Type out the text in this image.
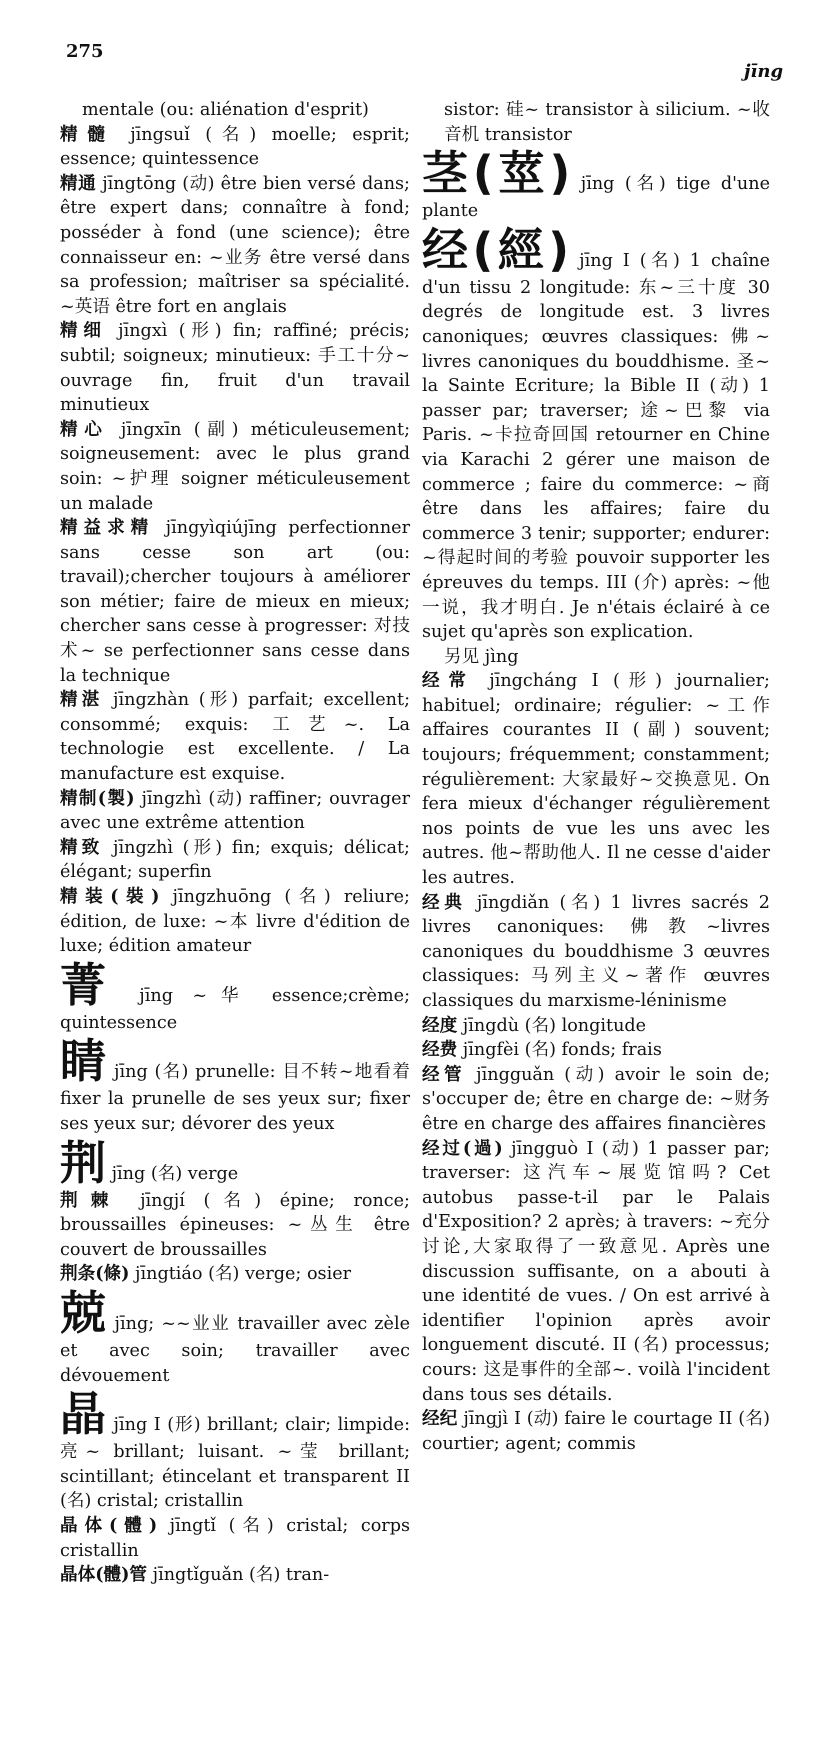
275
jīng

mentale (ou: aliénation d'esprit)

精髓 jīngsuǐ (名) moelle; esprit; essence; quintessence

精通 jīngtōng (动) être bien versé dans; être expert dans; connaître à fond; posséder à fond (une science); être connaisseur en: ~业务 être versé dans sa profession; maîtriser sa spécialité. ~英语 être fort en anglais

精细 jīngxì (形) fin; raffiné; précis; subtil; soigneux; minutieux: 手工十分~ ouvrage fin, fruit d'un travail minutieux

精心 jīngxīn (副) méticuleusement; soigneusement: avec le plus grand soin: ~护理 soigner méticuleusement un malade

精益求精 jīngyìqiújīng perfectionner sans cesse son art (ou: travail);chercher toujours à améliorer son métier; faire de mieux en mieux; chercher sans cesse à progresser: 对技术~ se perfectionner sans cesse dans la technique

精湛 jīngzhàn (形) parfait; excellent; consommé; exquis: 工艺~. La technologie est excellente. / La manufacture est exquise.

精制(製) jīngzhì (动) raffiner; ouvrager avec une extrême attention

精致 jīngzhì (形) fin; exquis; délicat; élégant; superfin

精装(裝) jīngzhuōng (名) reliure; édition, de luxe: ~本 livre d'édition de luxe; édition amateur

菁 jīng ~华 essence;crème; quintessence

睛 jīng (名) prunelle: 目不转~地看着fixer la prunelle de ses yeux sur; fixer ses yeux sur; dévorer des yeux

荆 jīng (名) verge

荆棘 jīngjí (名) épine; ronce; broussailles épineuses: ~丛生 être couvert de broussailles

荆条(條) jīngtiáo (名) verge; osier

兢 jīng; ~~业业 travailler avec zèle et avec soin; travailler avec dévouement

晶 jīng I (形) brillant; clair; limpide: 亮~ brillant; luisant. ~莹 brillant; scintillant; étincelant et transparent II (名) cristal; cristallin

晶体(體) jīngtǐ (名) cristal; corps cristallin

晶体(體)管 jīngtǐguǎn (名) tran-

sistor: 硅~ transistor à silicium. ~收音机 transistor

茎(莖) jīng (名) tige d'une plante

经(經) jīng I (名) 1 chaîne d'un tissu 2 longitude: 东~三十度 30 degrés de longitude est. 3 livres canoniques; œuvres classiques: 佛~ livres canoniques du bouddhisme. 圣~ la Sainte Ecriture; la Bible II (动) 1 passer par; traverser; 途~巴黎 via Paris. ~卡拉奇回国 retourner en Chine via Karachi 2 gérer une maison de commerce ; faire du commerce: ~商 être dans les affaires; faire du commerce 3 tenir; supporter; endurer: ~得起时间的考验 pouvoir supporter les épreuves du temps. III (介) après: ~他一说，我才明白. Je n'étais éclairé à ce sujet qu'après son explication.

另见 jìng

经常 jīngcháng I (形) journalier; habituel; ordinaire; régulier: ~工作 affaires courantes II (副) souvent; toujours; fréquemment; constamment; régulièrement: 大家最好~交换意见. On fera mieux d'échanger régulièrement nos points de vue les uns avec les autres. 他~帮助他人. Il ne cesse d'aider les autres.

经典 jīngdiǎn (名) 1 livres sacrés 2 livres canoniques: 佛教~livres canoniques du bouddhisme 3 œuvres classiques: 马列主义~著作 œuvres classiques du marxisme-léninisme

经度 jīngdù (名) longitude

经费 jīngfèi (名) fonds; frais

经管 jīngguǎn (动) avoir le soin de; s'occuper de; être en charge de: ~财务 être en charge des affaires financières

经过(過) jīngguò I (动) 1 passer par; traverser: 这汽车~展览馆吗? Cet autobus passe-t-il par le Palais d'Exposition? 2 après; à travers: ~充分讨论,大家取得了一致意见. Après une discussion suffisante, on a abouti à une identité de vues. / On est arrivé à identifier l'opinion après avoir longuement discuté. II (名) processus; cours: 这是事件的全部~. voilà l'incident dans tous ses détails.

经纪 jīngjì I (动) faire le courtage II (名) courtier; agent; commis
